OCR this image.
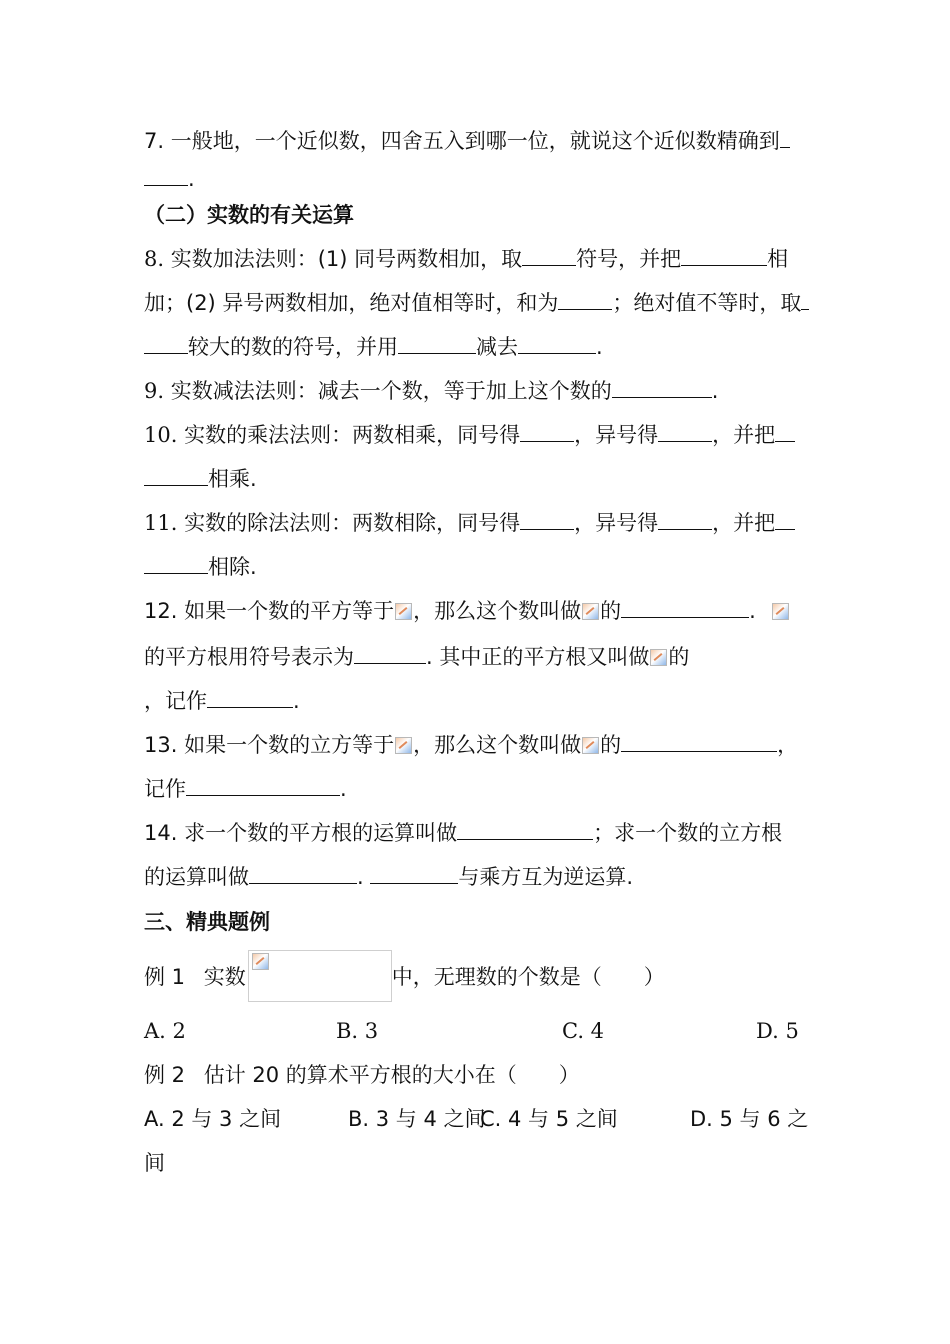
7. 一般地，一个近似数，四舍五入到哪一位，就说这个近似数精确到
.
（二）实数的有关运算
8. 实数加法法则：(1) 同号两数相加，取	符号，并把	相
加；(2) 异号两数相加，绝对值相等时，和为	；绝对值不等时，取
较大的数的符号，并用	减去	.
9. 实数减法法则：减去一个数，等于加上这个数的	.
10. 实数的乘法法则：两数相乘，同号得	，异号得	，并把
相乘.
11. 实数的除法法则：两数相除，同号得	，异号得	，并把
相除.
12. 如果一个数的平方等于 ，那么这个数叫做 的	.
的平方根用符号表示为	. 其中正的平方根又叫做 的
，记作	.
13. 如果一个数的立方等于 ，那么这个数叫做 的	，
记作	.
14. 求一个数的平方根的运算叫做	；求一个数的立方根
的运算叫做	.	与乘方互为逆运算.
三、精典题例
例 1 实数	中，无理数的个数是（　　）
A. 2	B. 3	C. 4	D. 5
例 2 估计 20 的算术平方根的大小在（　　）
A. 2 与 3 之间	B. 3 与 4 之间
C. 4 与 5 之间	D. 5 与 6 之
间
